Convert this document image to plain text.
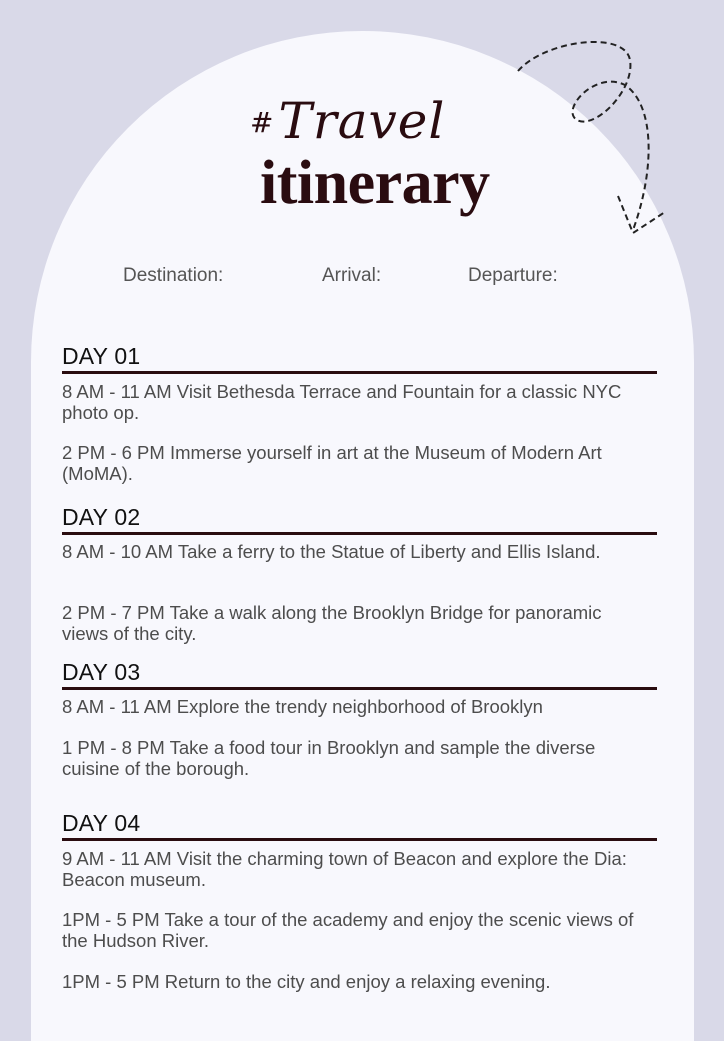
#Travel
itinerary
Destination:	Arrival:	Departure:
DAY 01
8 AM - 11 AM Visit Bethesda Terrace and Fountain for a classic NYC photo op.
2 PM - 6 PM Immerse yourself in art at the Museum of Modern Art (MoMA).
DAY 02
8 AM - 10 AM Take a ferry to the Statue of Liberty and Ellis Island.
2 PM - 7 PM Take a walk along the Brooklyn Bridge for panoramic views of the city.
DAY 03
8 AM - 11 AM Explore the trendy neighborhood of Brooklyn
1 PM - 8 PM Take a food tour in Brooklyn and sample the diverse cuisine of the borough.
DAY 04
9 AM - 11 AM Visit the charming town of Beacon and explore the Dia: Beacon museum.
1PM - 5 PM Take a tour of the academy and enjoy the scenic views of the Hudson River.
1PM - 5 PM Return to the city and enjoy a relaxing evening.
